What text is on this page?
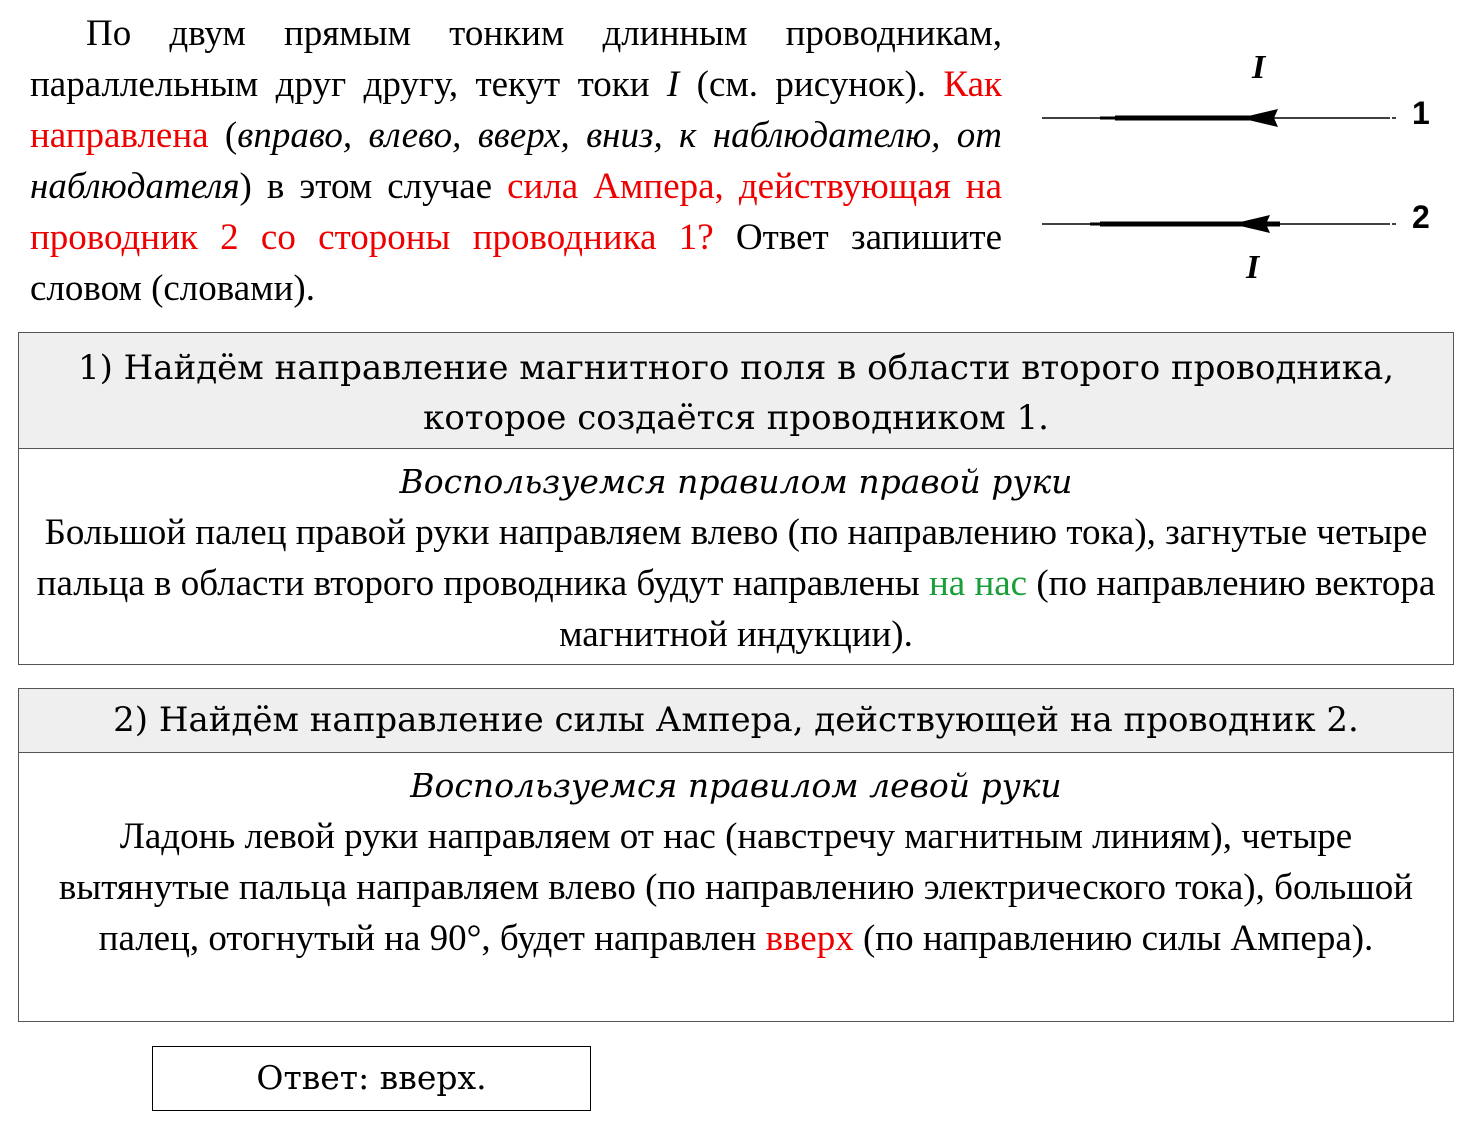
По двум прямым тонким длинным проводникам, параллельным друг другу, текут токи I (см. рисунок). Как направлена (вправо, влево, вверх, вниз, к наблюдателю, от наблюдателя) в этом случае сила Ампера, действующая на проводник 2 со стороны проводника 1? Ответ запишите словом (словами).

I
I
1
2
1) Найдём направление магнитного поля в области второго проводника, которое создаётся проводником 1.
Воспользуемся правилом правой руки
Большой палец правой руки направляем влево (по направлению тока), загнутые четыре пальца в области второго проводника будут направлены на нас (по направлению вектора магнитной индукции).
2) Найдём направление силы Ампера, действующей на проводник 2.
Воспользуемся правилом левой руки
Ладонь левой руки направляем от нас (навстречу магнитным линиям), четыре вытянутые пальца направляем влево (по направлению электрического тока), большой палец, отогнутый на 90°, будет направлен вверх (по направлению силы Ампера).
Ответ: вверх.
